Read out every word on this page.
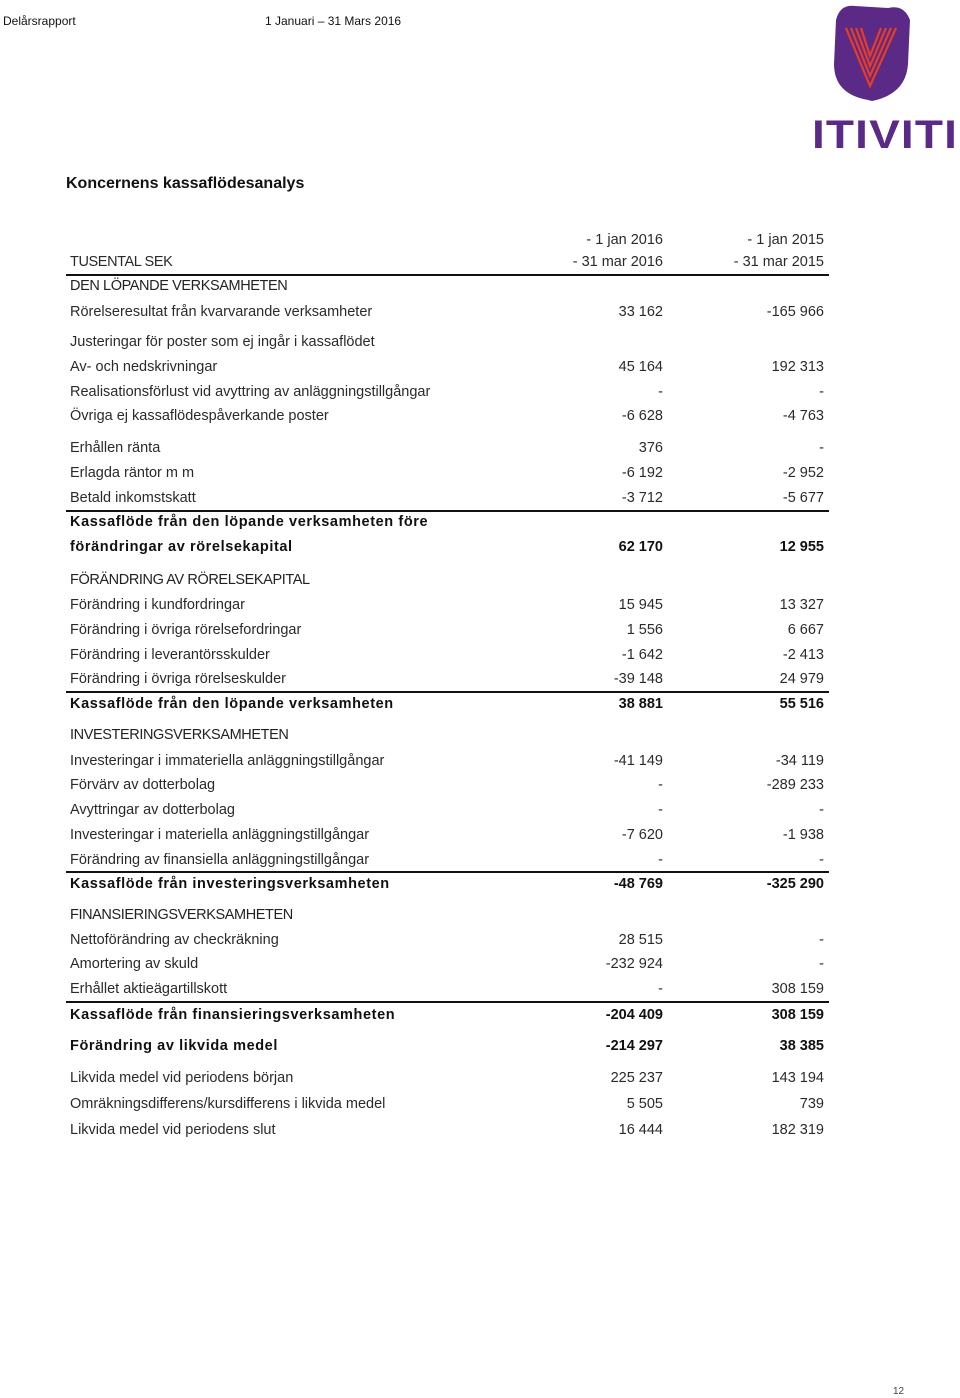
Delårsrapport	1 Januari – 31 Mars 2016
ITIVITI
Koncernens kassaflödesanalys
- 1 jan 2016	- 1 jan 2015
TUSENTAL SEK	- 31 mar 2016	- 31 mar 2015
DEN LÖPANDE VERKSAMHETEN
Rörelseresultat från kvarvarande verksamheter	33 162	-165 966
Justeringar för poster som ej ingår i kassaflödet
Av- och nedskrivningar	45 164	192 313
Realisationsförlust vid avyttring av anläggningstillgångar	-	-
Övriga ej kassaflödespåverkande poster	-6 628	-4 763
Erhållen ränta	376	-
Erlagda räntor m m	-6 192	-2 952
Betald inkomstskatt	-3 712	-5 677
Kassaflöde från den löpande verksamheten före
förändringar av rörelsekapital	62 170	12 955
FÖRÄNDRING AV RÖRELSEKAPITAL
Förändring i kundfordringar	15 945	13 327
Förändring i övriga rörelsefordringar	1 556	6 667
Förändring i leverantörsskulder	-1 642	-2 413
Förändring i övriga rörelseskulder	-39 148	24 979
Kassaflöde från den löpande verksamheten	38 881	55 516
INVESTERINGSVERKSAMHETEN
Investeringar i immateriella anläggningstillgångar	-41 149	-34 119
Förvärv av dotterbolag	-	-289 233
Avyttringar av dotterbolag	-	-
Investeringar i materiella anläggningstillgångar	-7 620	-1 938
Förändring av finansiella anläggningstillgångar	-	-
Kassaflöde från investeringsverksamheten	-48 769	-325 290
FINANSIERINGSVERKSAMHETEN
Nettoförändring av checkräkning	28 515	-
Amortering av skuld	-232 924	-
Erhållet aktieägartillskott	-	308 159
Kassaflöde från finansieringsverksamheten	-204 409	308 159
Förändring av likvida medel	-214 297	38 385
Likvida medel vid periodens början	225 237	143 194
Omräkningsdifferens/kursdifferens i likvida medel	5 505	739
Likvida medel vid periodens slut	16 444	182 319
12
